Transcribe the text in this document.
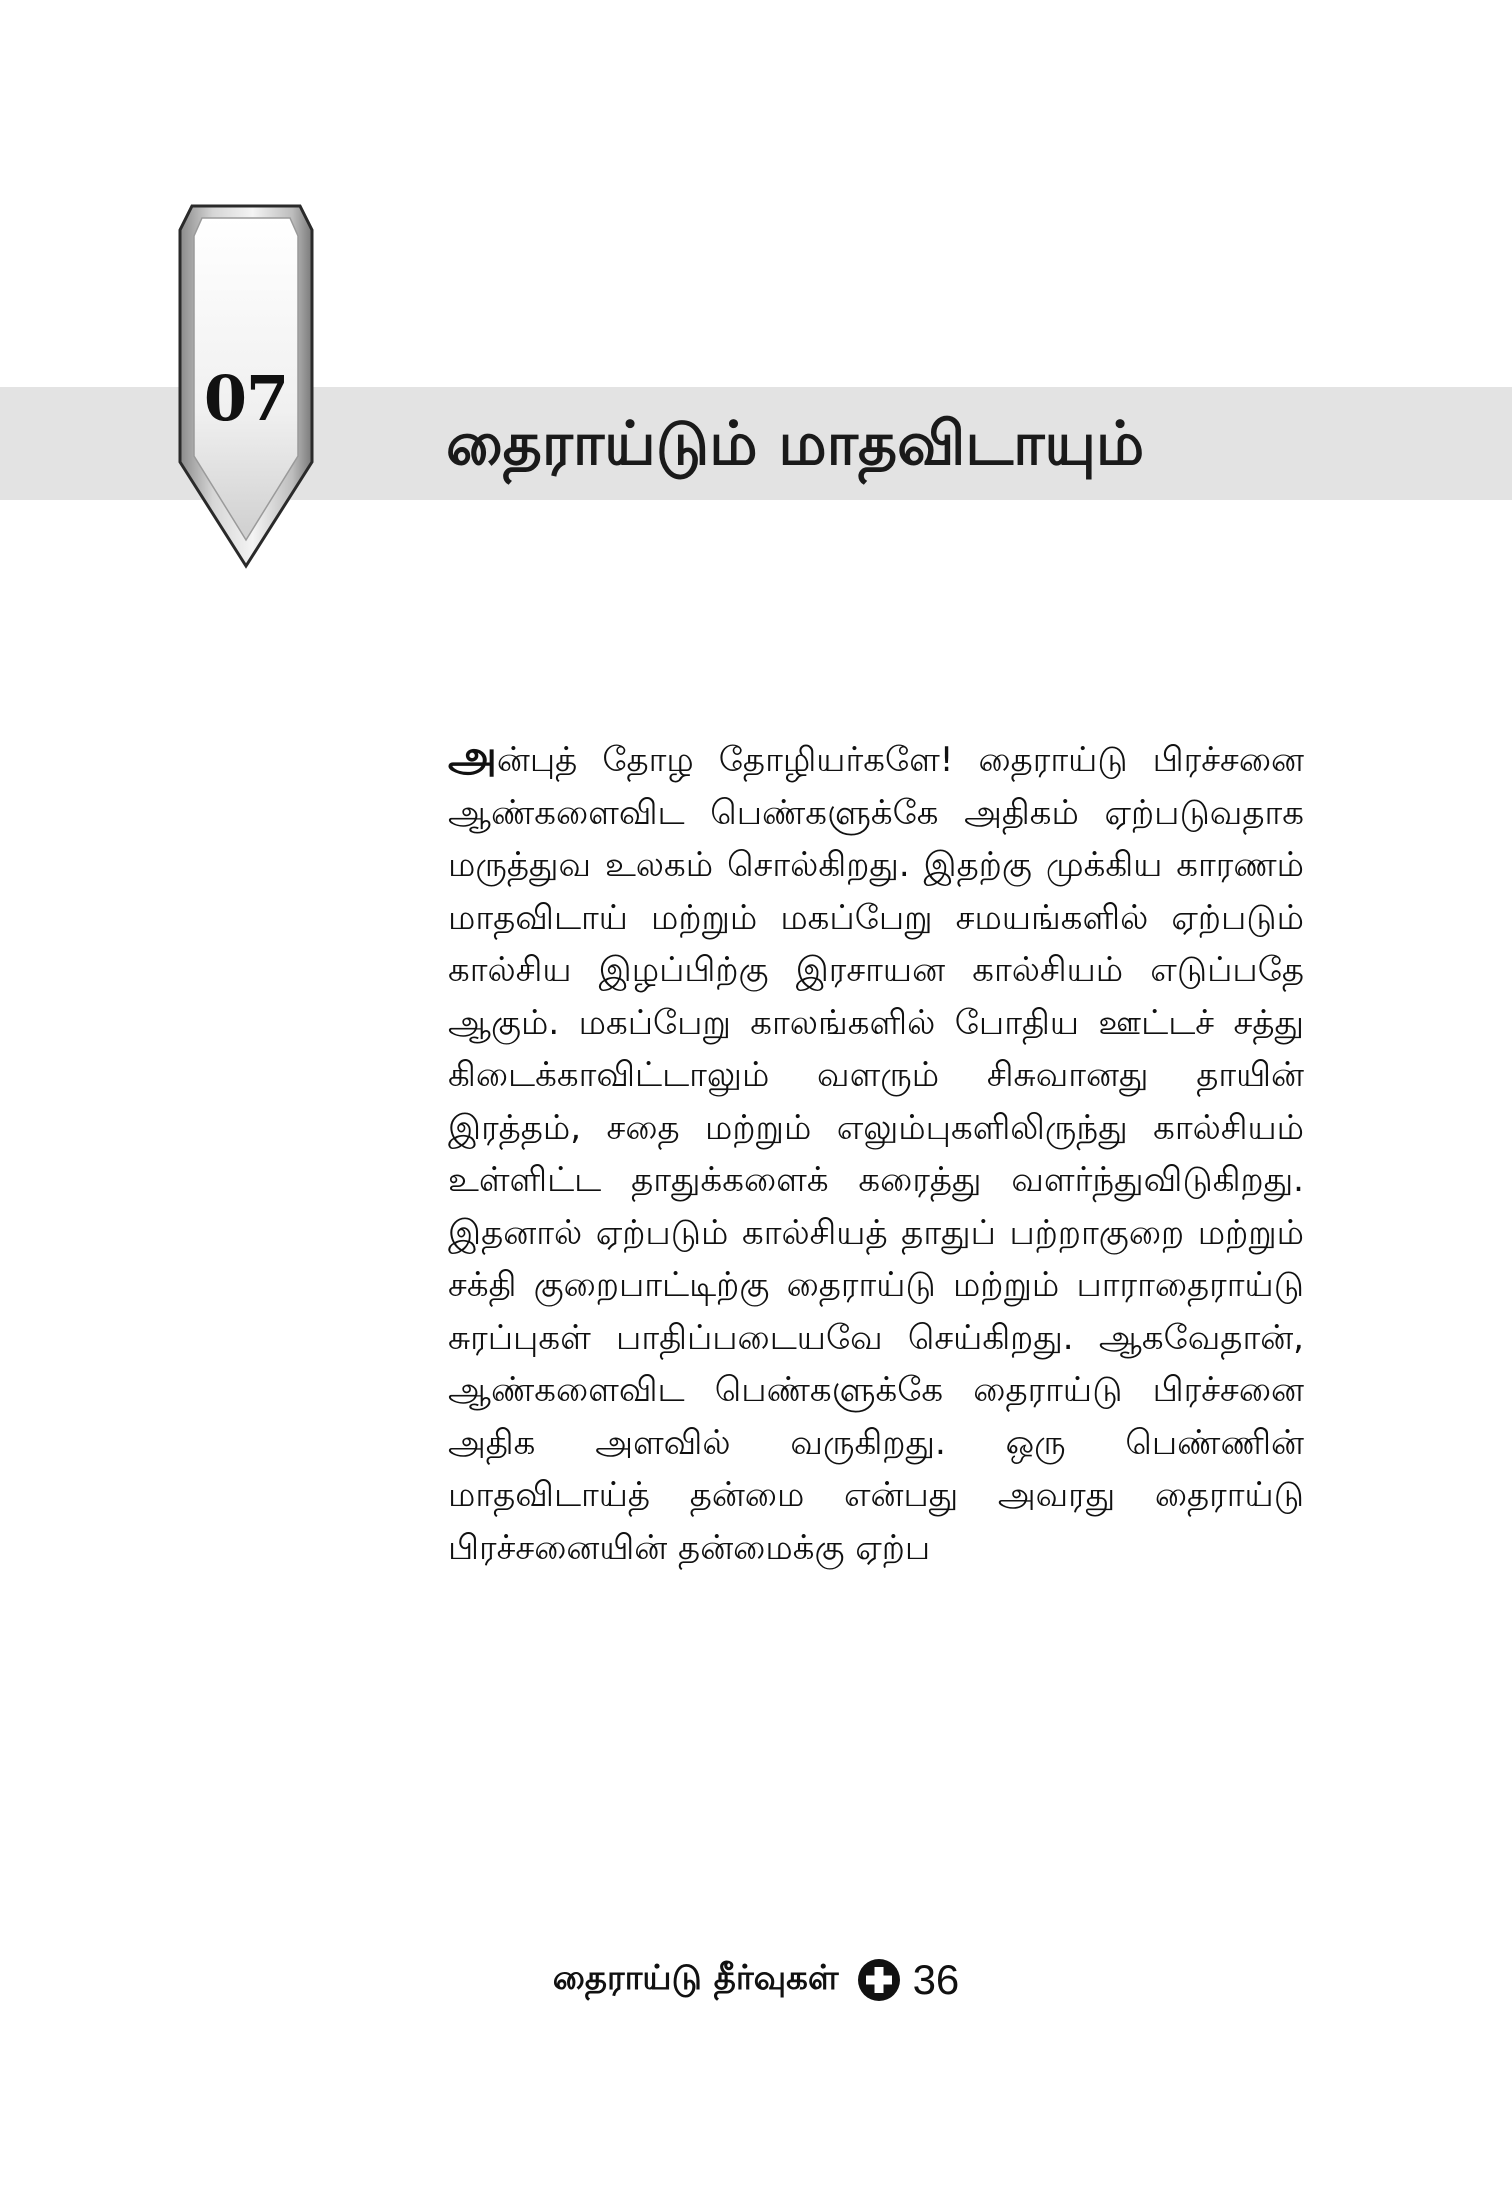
07
தைராய்டும் மாதவிடாயும்

அன்புத் தோழ தோழியர்களே! தைராய்டு பிரச்சனை ஆண்களைவிட பெண்களுக்கே அதிகம் ஏற்படுவதாக மருத்துவ உலகம் சொல்கிறது. இதற்கு முக்கிய காரணம் மாதவிடாய் மற்றும் மகப்பேறு சமயங்களில் ஏற்படும் கால்சிய இழப்பிற்கு இரசாயன கால்சியம் எடுப்பதே ஆகும். மகப்பேறு காலங்களில் போதிய ஊட்டச் சத்து கிடைக்காவிட்டாலும் வளரும் சிசுவானது தாயின் இரத்தம், சதை மற்றும் எலும்புகளிலிருந்து கால்சியம் உள்ளிட்ட தாதுக்களைக் கரைத்து வளர்ந்துவிடுகிறது. இதனால் ஏற்படும் கால்சியத் தாதுப் பற்றாகுறை மற்றும் சக்தி குறைபாட்டிற்கு தைராய்டு மற்றும் பாராதைராய்டு சுரப்புகள் பாதிப்படையவே செய்கிறது. ஆகவேதான், ஆண்களைவிட பெண்களுக்கே தைராய்டு பிரச்சனை அதிக அளவில் வருகிறது. ஒரு பெண்ணின் மாதவிடாய்த் தன்மை என்பது அவரது தைராய்டு பிரச்சனையின் தன்மைக்கு ஏற்ப

தைராய்டு தீர்வுகள் 36
